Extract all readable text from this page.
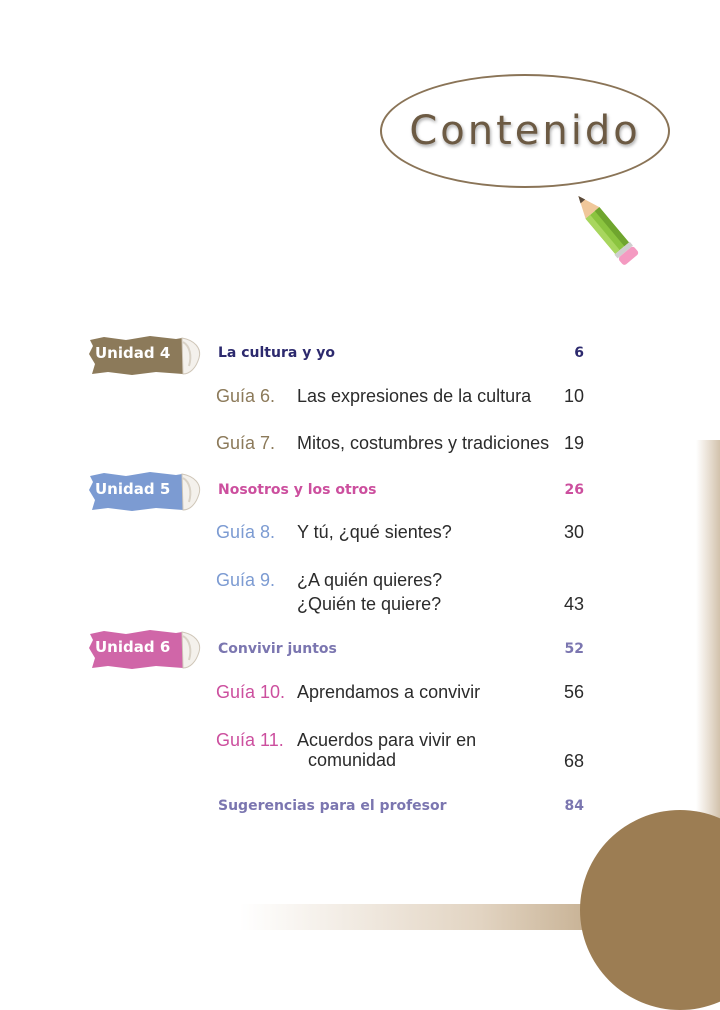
Contenido
Unidad 4	La cultura y yo	6
Guía 6. Las expresiones de la cultura 10
Guía 7. Mitos, costumbres y tradiciones 19
Unidad 5	Nosotros y los otros	26
Guía 8. Y tú, ¿qué sientes?	30
Guía 9. ¿A quién quieres?
¿Quién te quiere?	43
Unidad 6	Convivir juntos	52
Guía 10. Aprendamos a convivir	56
Guía 11. Acuerdos para vivir en
comunidad	68
Sugerencias para el profesor	84
